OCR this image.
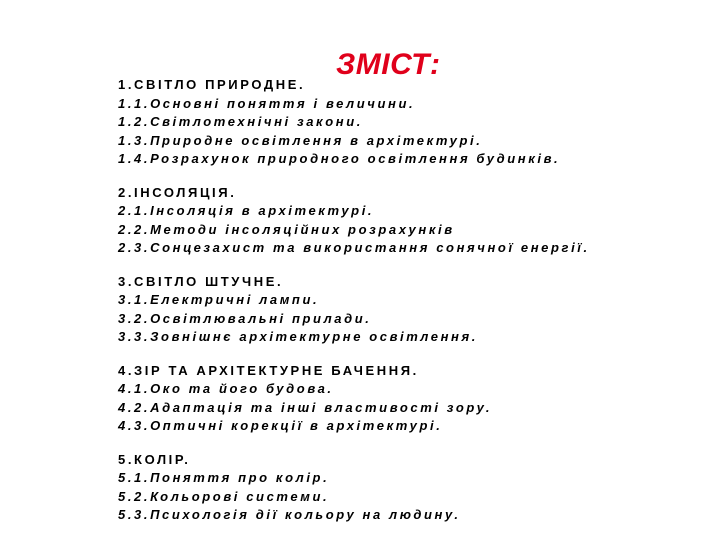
ЗМІСТ:
1.СВІТЛО ПРИРОДНЕ.
1.1.Основні поняття і величини.
1.2.Світлотехнічні закони.
1.3.Природне освітлення в архітектурі.
1.4.Розрахунок природного освітлення будинків.
2.ІНСОЛЯЦІЯ.
2.1.Інсоляція в архітектурі.
2.2.Методи інсоляційних розрахунків
2.3.Сонцезахист та використання сонячної енергії.
3.СВІТЛО ШТУЧНЕ.
3.1.Електричні лампи.
3.2.Освітлювальні прилади.
3.3.Зовнішнє архітектурне освітлення.
4.ЗІР ТА АРХІТЕКТУРНЕ БАЧЕННЯ.
4.1.Око та його будова.
4.2.Адаптація та інші властивості зору.
4.3.Оптичні корекції в архітектурі.
5.КОЛІР.
5.1.Поняття про колір.
5.2.Кольорові системи.
5.3.Психологія дії кольору на людину.
